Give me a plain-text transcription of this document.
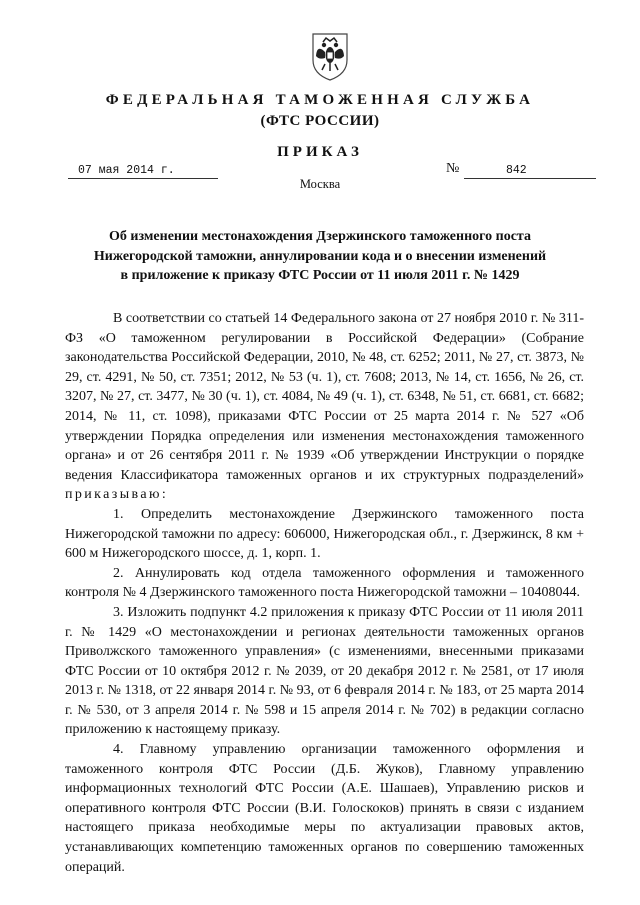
ФЕДЕРАЛЬНАЯ ТАМОЖЕННАЯ СЛУЖБА
(ФТС РОССИИ)
ПРИКАЗ
07 мая 2014 г.	№	842
Москва
Об изменении местонахождения Дзержинского таможенного поста
Нижегородской таможни, аннулировании кода и о внесении изменений
в приложение к приказу ФТС России от 11 июля 2011 г. № 1429

В соответствии со статьей 14 Федерального закона от 27 ноября 2010 г. № 311-ФЗ «О таможенном регулировании в Российской Федерации» (Собрание законодательства Российской Федерации, 2010, № 48, ст. 6252; 2011, № 27, ст. 3873, № 29, ст. 4291, № 50, ст. 7351; 2012, № 53 (ч. 1), ст. 7608; 2013, № 14, ст. 1656, № 26, ст. 3207, № 27, ст. 3477, № 30 (ч. 1), ст. 4084, № 49 (ч. 1), ст. 6348, № 51, ст. 6681, ст. 6682; 2014, № 11, ст. 1098), приказами ФТС России от 25 марта 2014 г. № 527 «Об утверждении Порядка определения или изменения местонахождения таможенного органа» и от 26 сентября 2011 г. № 1939 «Об утверждении Инструкции о порядке ведения Классификатора таможенных органов и их структурных подразделений» приказываю:

1. Определить местонахождение Дзержинского таможенного поста Нижегородской таможни по адресу: 606000, Нижегородская обл., г. Дзержинск, 8 км + 600 м Нижегородского шоссе, д. 1, корп. 1.

2. Аннулировать код отдела таможенного оформления и таможенного контроля № 4 Дзержинского таможенного поста Нижегородской таможни – 10408044.

3. Изложить подпункт 4.2 приложения к приказу ФТС России от 11 июля 2011 г. № 1429 «О местонахождении и регионах деятельности таможенных органов Приволжского таможенного управления» (с изменениями, внесенными приказами ФТС России от 10 октября 2012 г. № 2039, от 20 декабря 2012 г. № 2581, от 17 июля 2013 г. № 1318, от 22 января 2014 г. № 93, от 6 февраля 2014 г. № 183, от 25 марта 2014 г. № 530, от 3 апреля 2014 г. № 598 и 15 апреля 2014 г. № 702) в редакции согласно приложению к настоящему приказу.

4. Главному управлению организации таможенного оформления и таможенного контроля ФТС России (Д.Б. Жуков), Главному управлению информационных технологий ФТС России (А.Е. Шашаев), Управлению рисков и оперативного контроля ФТС России (В.И. Голоскоков) принять в связи с изданием настоящего приказа необходимые меры по актуализации правовых актов, устанавливающих компетенцию таможенных органов по совершению таможенных операций.
